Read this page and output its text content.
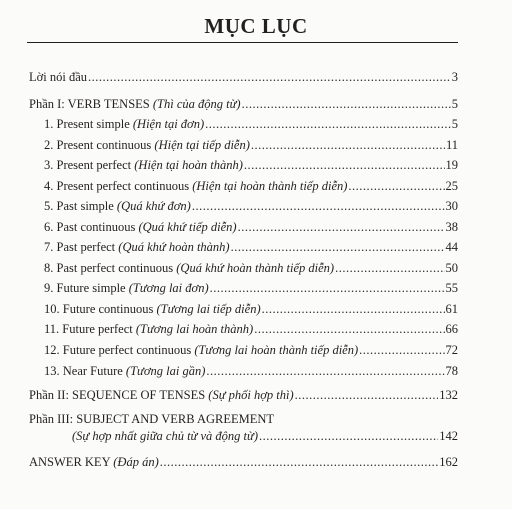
MỤC LỤC
Lời nói đầu .....	3
Phần I: VERB TENSES (Thì của động từ) .....	5
1. Present simple (Hiện tại đơn) .....	5
2. Present continuous (Hiện tại tiếp diễn) .....	11
3. Present perfect (Hiện tại hoàn thành) .....	19
4. Present perfect continuous (Hiện tại hoàn thành tiếp diễn) .....	25
5. Past simple (Quá khứ đơn) .....	30
6. Past continuous (Quá khứ tiếp diễn) .....	38
7. Past perfect (Quá khứ hoàn thành) .....	44
8. Past perfect continuous (Quá khứ hoàn thành tiếp diễn) .....	50
9. Future simple (Tương lai đơn) .....	55
10. Future continuous (Tương lai tiếp diễn) .....	61
11. Future perfect (Tương lai hoàn thành) .....	66
12. Future perfect continuous (Tương lai hoàn thành tiếp diễn) .....	72
13. Near Future (Tương lai gần) .....	78
Phần II: SEQUENCE OF TENSES (Sự phối hợp thì) .....	132
Phần III: SUBJECT AND VERB AGREEMENT
(Sự hợp nhất giữa chủ từ và động từ) .....	142
ANSWER KEY (Đáp án) .....	162
